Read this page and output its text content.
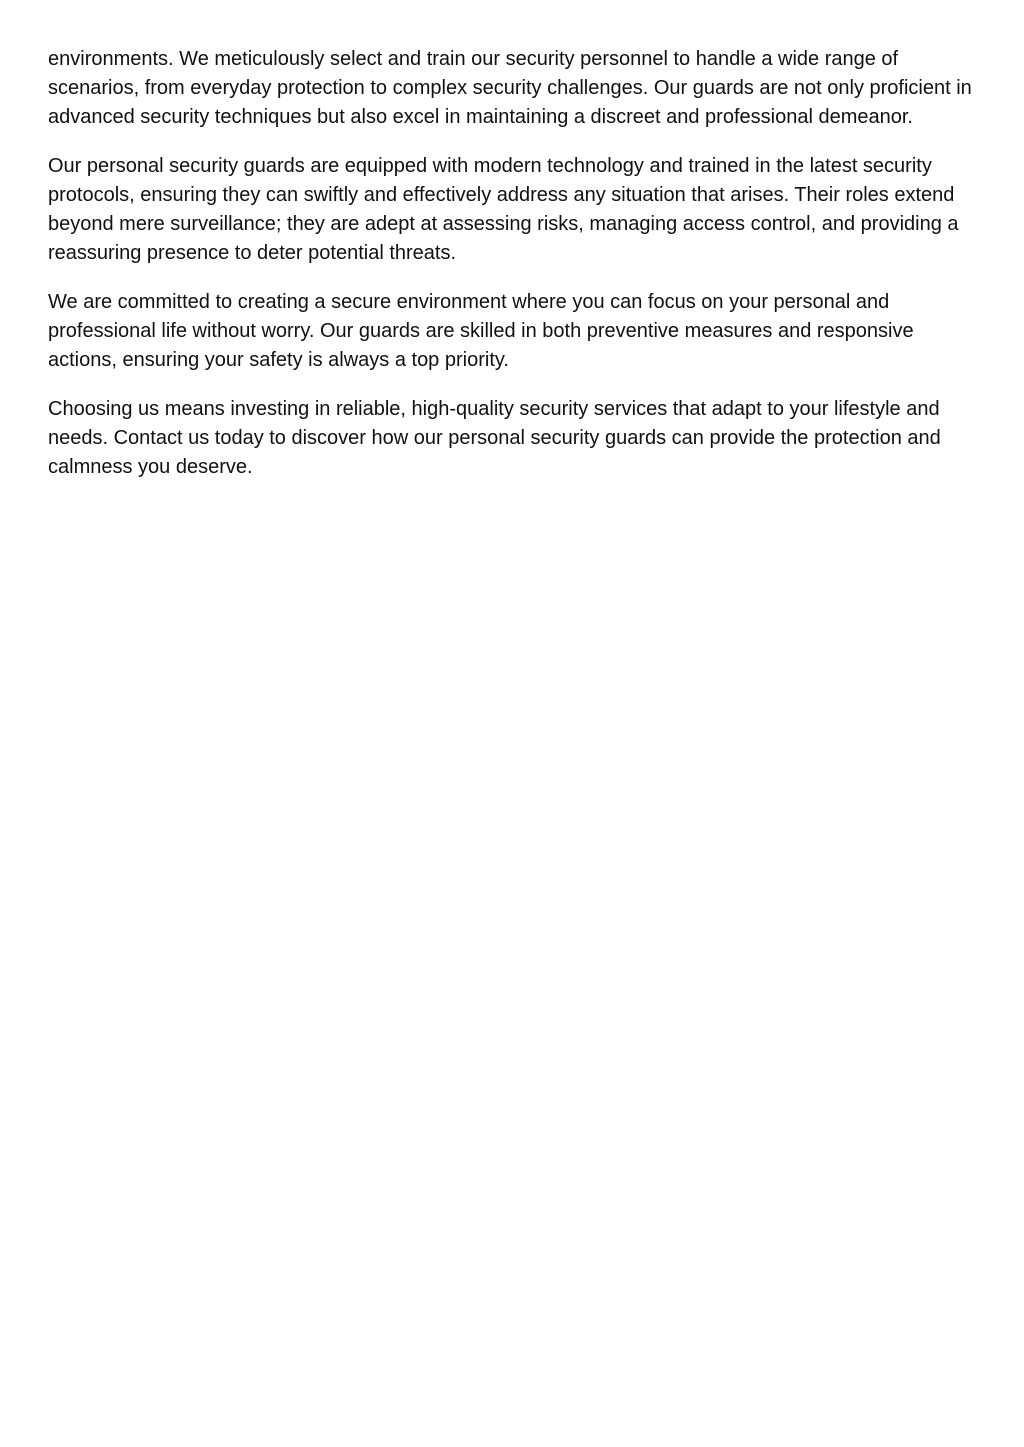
environments. We meticulously select and train our security personnel to handle a wide range of scenarios, from everyday protection to complex security challenges. Our guards are not only proficient in advanced security techniques but also excel in maintaining a discreet and professional demeanor.

Our personal security guards are equipped with modern technology and trained in the latest security protocols, ensuring they can swiftly and effectively address any situation that arises. Their roles extend beyond mere surveillance; they are adept at assessing risks, managing access control, and providing a reassuring presence to deter potential threats.

We are committed to creating a secure environment where you can focus on your personal and professional life without worry. Our guards are skilled in both preventive measures and responsive actions, ensuring your safety is always a top priority.

Choosing us means investing in reliable, high-quality security services that adapt to your lifestyle and needs. Contact us today to discover how our personal security guards can provide the protection and calmness you deserve.
